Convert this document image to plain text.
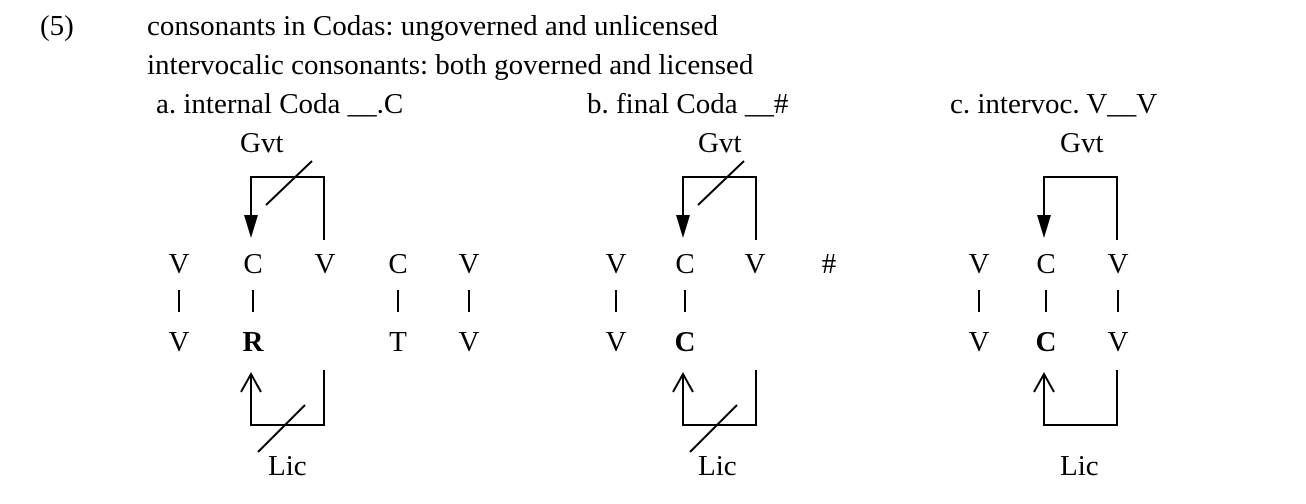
(5)	consonants in Codas: ungoverned and unlicensed
intervocalic consonants: both governed and licensed
a. internal Coda __.C	b. final Coda __#	c. intervoc. V__V
Gvt	Gvt	Gvt
V C V C V
V R	T V
V C V #
V C
V C V
V C V
Lic	Lic	Lic
